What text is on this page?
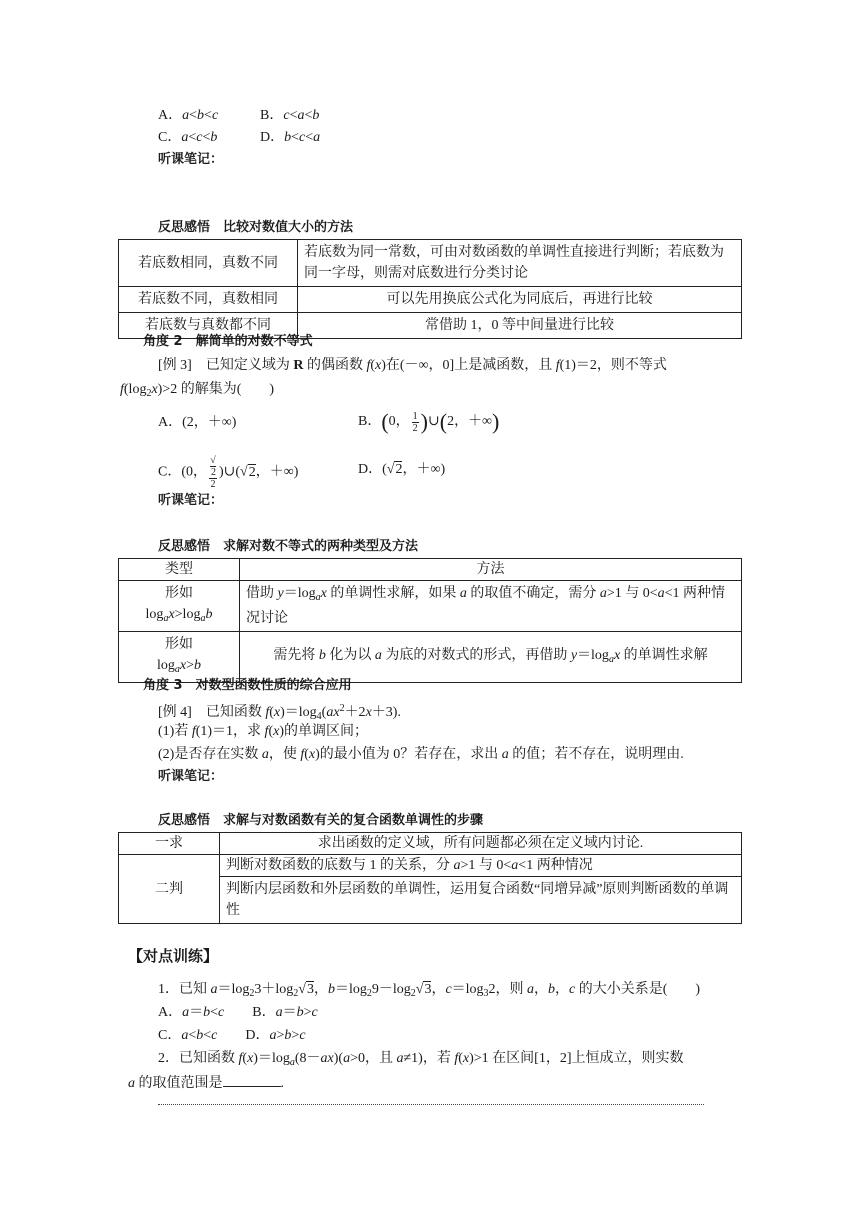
A．a<b<c	B．c<a<b
C．a<c<b	D．b<c<a
听课笔记：
反思感悟　比较对数值大小的方法
若底数相同，真数不同	若底数为同一常数，可由对数函数的单调性直接进行判断；若底数为同一字母，则需对底数进行分类讨论
若底数不同，真数相同	可以先用换底公式化为同底后，再进行比较
若底数与真数都不同	常借助 1，0 等中间量进行比较
角度 2　解简单的对数不等式
[例 3]　已知定义域为 R 的偶函数 f(x)在(－∞，0]上是减函数，且 f(1)＝2，则不等式
$f(\log_2x)>2$ 的解集为(　　)
A．(2，＋∞)	B．(0， $\frac{1}{2}$ )∪(2，＋∞)
C．(0， √
2
2 )∪(√2，＋∞)	D．(√2，＋∞)
听课笔记：
反思感悟　求解对数不等式的两种类型及方法
类型	方法
形如
$\log_ax>\log_ab$	借助 $y=\log_ax$ 的单调性求解，如果 a 的取值不确定，需分 a>1 与 0<a<1 两种情况讨论
形如
$\log_ax>b$	需先将 b 化为以 a 为底的对数式的形式，再借助 $y=\log_ax$ 的单调性求解
角度 3　对数型函数性质的综合应用
[例 4]　已知函数 $f(x)=\log_4(ax^2+2x+3)$.
(1)若 f(1)＝1，求 f(x)的单调区间；
(2)是否存在实数 a，使 f(x)的最小值为 0？若存在，求出 a 的值；若不存在，说明理由.
听课笔记：
反思感悟　求解与对数函数有关的复合函数单调性的步骤
一求	求出函数的定义域，所有问题都必须在定义域内讨论.
二判	判断对数函数的底数与 1 的关系，分 a>1 与 0<a<1 两种情况
	判断内层函数和外层函数的单调性，运用复合函数“同增异减”原则判断函数的单调性
【对点训练】
1．已知 $a=\log_23+\log_2√3$，$b=\log_29-\log_2√3$，$c=\log_32$，则 a，b，c 的大小关系是(　　)
A．a＝b<c　　B．a＝b>c
C．a<b<c　　D．a>b>c
2．已知函数 $f(x)=\log_a(8-ax)(a>0$，且 a≠1)，若 f(x)>1 在区间[1，2]上恒成立，则实数
a 的取值范围是	.
